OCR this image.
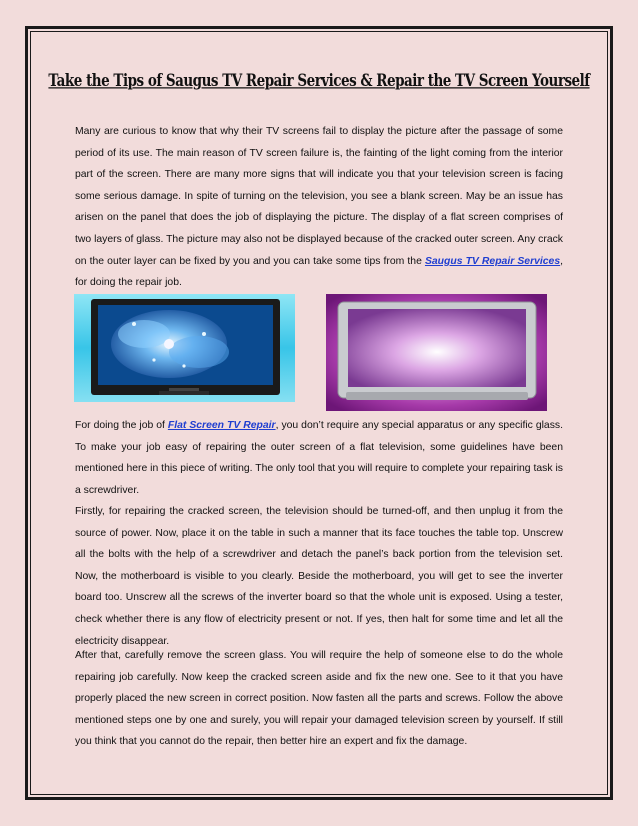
Take the Tips of Saugus TV Repair Services & Repair the TV Screen Yourself
Many are curious to know that why their TV screens fail to display the picture after the passage of some period of its use. The main reason of TV screen failure is, the fainting of the light coming from the interior part of the screen. There are many more signs that will indicate you that your television screen is facing some serious damage. In spite of turning on the television, you see a blank screen. May be an issue has arisen on the panel that does the job of displaying the picture. The display of a flat screen comprises of two layers of glass. The picture may also not be displayed because of the cracked outer screen. Any crack on the outer layer can be fixed by you and you can take some tips from the Saugus TV Repair Services, for doing the repair job.
For doing the job of Flat Screen TV Repair, you don’t require any special apparatus or any specific glass. To make your job easy of repairing the outer screen of a flat television, some guidelines have been mentioned here in this piece of writing. The only tool that you will require to complete your repairing task is a screwdriver.
Firstly, for repairing the cracked screen, the television should be turned-off, and then unplug it from the source of power. Now, place it on the table in such a manner that its face touches the table top. Unscrew all the bolts with the help of a screwdriver and detach the panel’s back portion from the television set. Now, the motherboard is visible to you clearly. Beside the motherboard, you will get to see the inverter board too. Unscrew all the screws of the inverter board so that the whole unit is exposed. Using a tester, check whether there is any flow of electricity present or not. If yes, then halt for some time and let all the electricity disappear.
After that, carefully remove the screen glass. You will require the help of someone else to do the whole repairing job carefully. Now keep the cracked screen aside and fix the new one. See to it that you have properly placed the new screen in correct position. Now fasten all the parts and screws. Follow the above mentioned steps one by one and surely, you will repair your damaged television screen by yourself. If still you think that you cannot do the repair, then better hire an expert and fix the damage.
